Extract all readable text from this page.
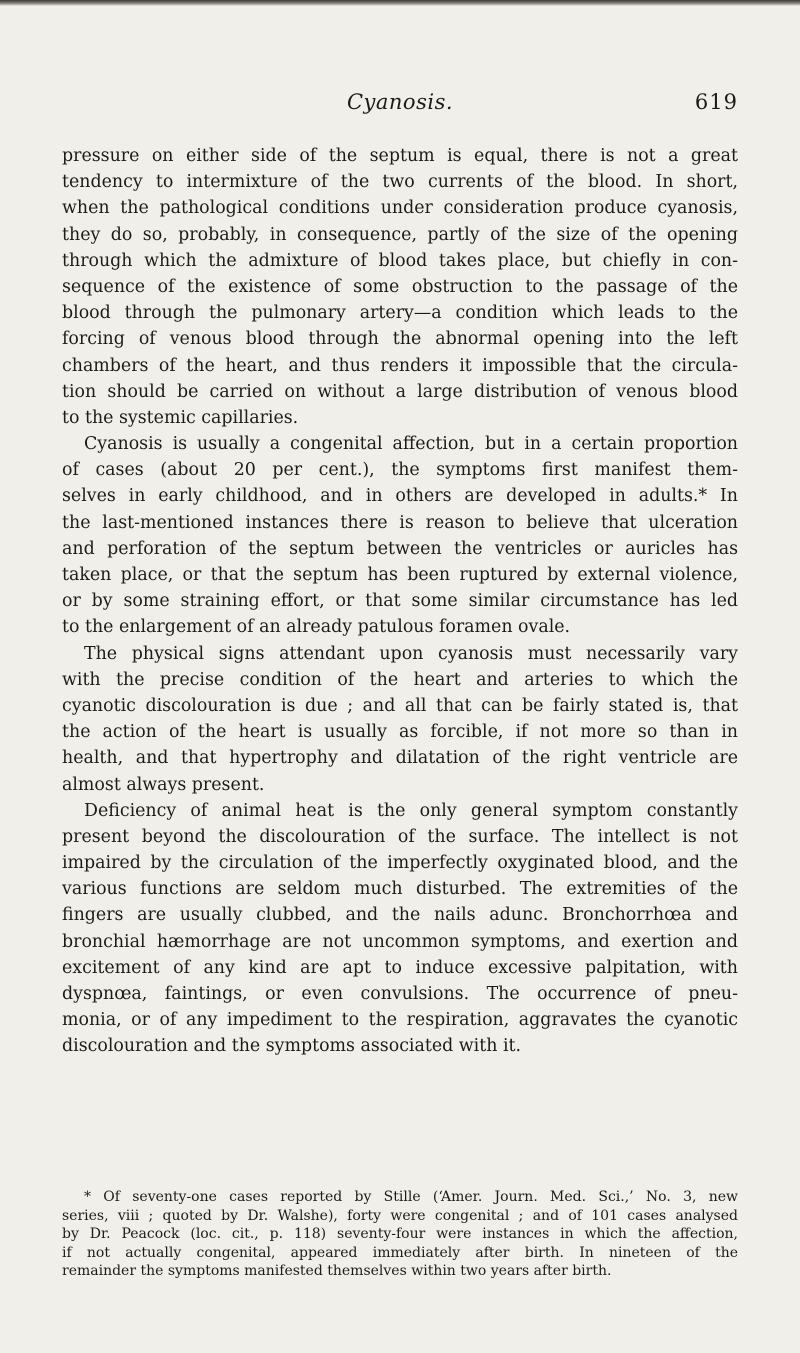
Cyanosis.	619
pressure on either side of the septum is equal, there is not a great
tendency to intermixture of the two currents of the blood. In short,
when the pathological conditions under consideration produce cyanosis,
they do so, probably, in consequence, partly of the size of the opening
through which the admixture of blood takes place, but chiefly in con-
sequence of the existence of some obstruction to the passage of the
blood through the pulmonary artery—a condition which leads to the
forcing of venous blood through the abnormal opening into the left
chambers of the heart, and thus renders it impossible that the circula-
tion should be carried on without a large distribution of venous blood
to the systemic capillaries.
Cyanosis is usually a congenital affection, but in a certain proportion
of cases (about 20 per cent.), the symptoms first manifest them-
selves in early childhood, and in others are developed in adults.* In
the last-mentioned instances there is reason to believe that ulceration
and perforation of the septum between the ventricles or auricles has
taken place, or that the septum has been ruptured by external violence,
or by some straining effort, or that some similar circumstance has led
to the enlargement of an already patulous foramen ovale.
The physical signs attendant upon cyanosis must necessarily vary
with the precise condition of the heart and arteries to which the
cyanotic discolouration is due ; and all that can be fairly stated is, that
the action of the heart is usually as forcible, if not more so than in
health, and that hypertrophy and dilatation of the right ventricle are
almost always present.
Deficiency of animal heat is the only general symptom constantly
present beyond the discolouration of the surface. The intellect is not
impaired by the circulation of the imperfectly oxyginated blood, and the
various functions are seldom much disturbed. The extremities of the
fingers are usually clubbed, and the nails adunc. Bronchorrhœa and
bronchial hæmorrhage are not uncommon symptoms, and exertion and
excitement of any kind are apt to induce excessive palpitation, with
dyspnœa, faintings, or even convulsions. The occurrence of pneu-
monia, or of any impediment to the respiration, aggravates the cyanotic
discolouration and the symptoms associated with it.
* Of seventy-one cases reported by Stille (‘Amer. Journ. Med. Sci.,’ No. 3, new
series, viii ; quoted by Dr. Walshe), forty were congenital ; and of 101 cases analysed
by Dr. Peacock (loc. cit., p. 118) seventy-four were instances in which the affection,
if not actually congenital, appeared immediately after birth. In nineteen of the
remainder the symptoms manifested themselves within two years after birth.
